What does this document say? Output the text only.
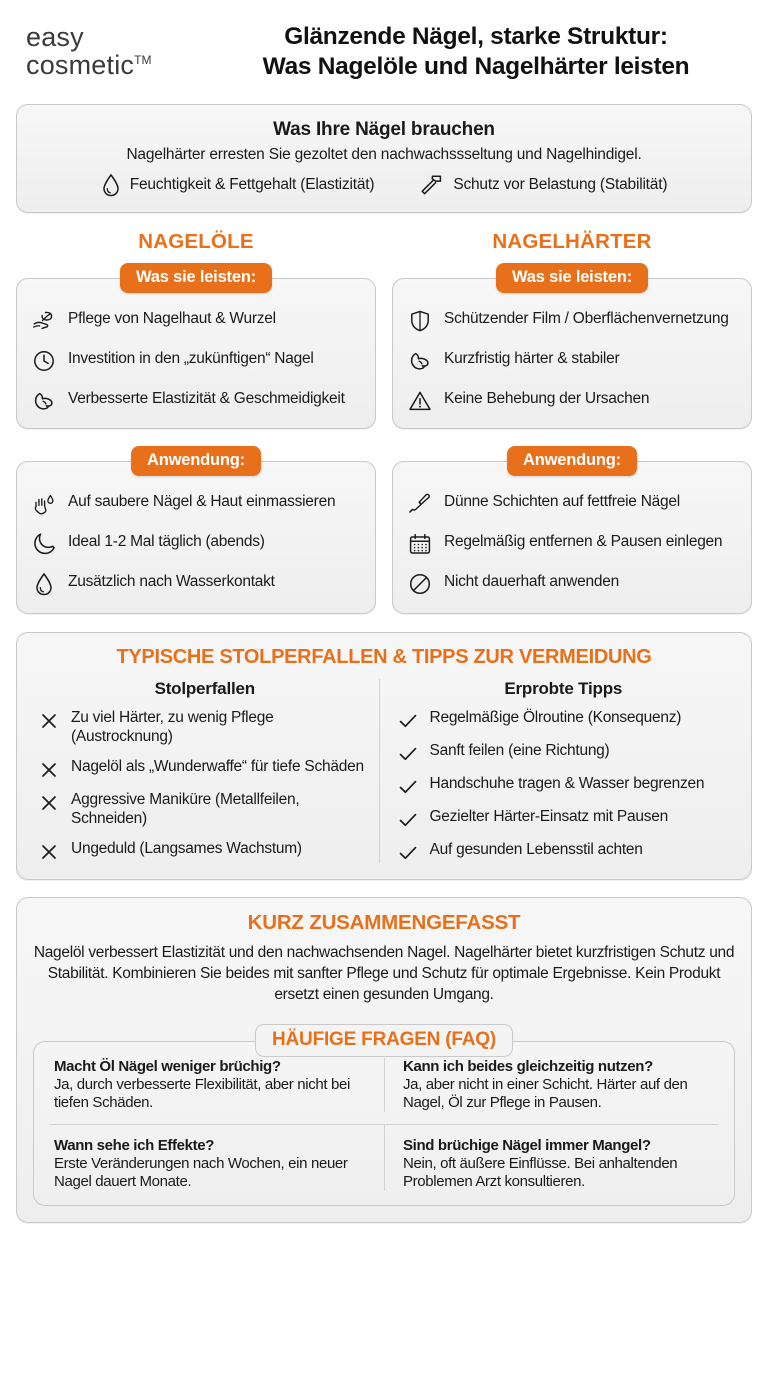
easy
cosmetic™
Glänzende Nägel, starke Struktur:
Was Nagelöle und Nagelhärter leisten
Was Ihre Nägel brauchen
Nagelhärter erresten Sie gezoltet den nachwachssseltung und Nagelhindigel.
Feuchtigkeit & Fettgehalt (Elastizität)	Schutz vor Belastung (Stabilität)
NAGELÖLE
Was sie leisten:
Pflege von Nagelhaut & Wurzel
Investition in den „zukünftigen“ Nagel
Verbesserte Elastizität & Geschmeidigkeit
NAGELHÄRTER
Was sie leisten:
Schützender Film / Oberflächenvernetzung
Kurzfristig härter & stabiler
Keine Behebung der Ursachen
Anwendung:
Auf saubere Nägel & Haut einmassieren
Ideal 1-2 Mal täglich (abends)
Zusätzlich nach Wasserkontakt
Anwendung:
Dünne Schichten auf fettfreie Nägel
Regelmäßig entfernen & Pausen einlegen
Nicht dauerhaft anwenden
TYPISCHE STOLPERFALLEN & TIPPS ZUR VERMEIDUNG
Stolperfallen
Zu viel Härter, zu wenig Pflege (Austrocknung)
Nagelöl als „Wunderwaffe“ für tiefe Schäden
Aggressive Maniküre (Metallfeilen, Schneiden)
Ungeduld (Langsames Wachstum)
Erprobte Tipps
Regelmäßige Ölroutine (Konsequenz)
Sanft feilen (eine Richtung)
Handschuhe tragen & Wasser begrenzen
Gezielter Härter-Einsatz mit Pausen
Auf gesunden Lebensstil achten
KURZ ZUSAMMENGEFASST

Nagelöl verbessert Elastizität und den nachwachsenden Nagel. Nagelhärter bietet kurzfristigen Schutz und Stabilität. Kombinieren Sie beides mit sanfter Pflege und Schutz für optimale Ergebnisse. Kein Produkt ersetzt einen gesunden Umgang.

HÄUFIGE FRAGEN (FAQ)
Macht Öl Nägel weniger brüchig?
Ja, durch verbesserte Flexibilität, aber nicht bei tiefen Schäden.
Kann ich beides gleichzeitig nutzen?
Ja, aber nicht in einer Schicht. Härter auf den Nagel, Öl zur Pflege in Pausen.
Wann sehe ich Effekte?
Erste Veränderungen nach Wochen, ein neuer Nagel dauert Monate.
Sind brüchige Nägel immer Mangel?
Nein, oft äußere Einflüsse. Bei anhaltenden Problemen Arzt konsultieren.
